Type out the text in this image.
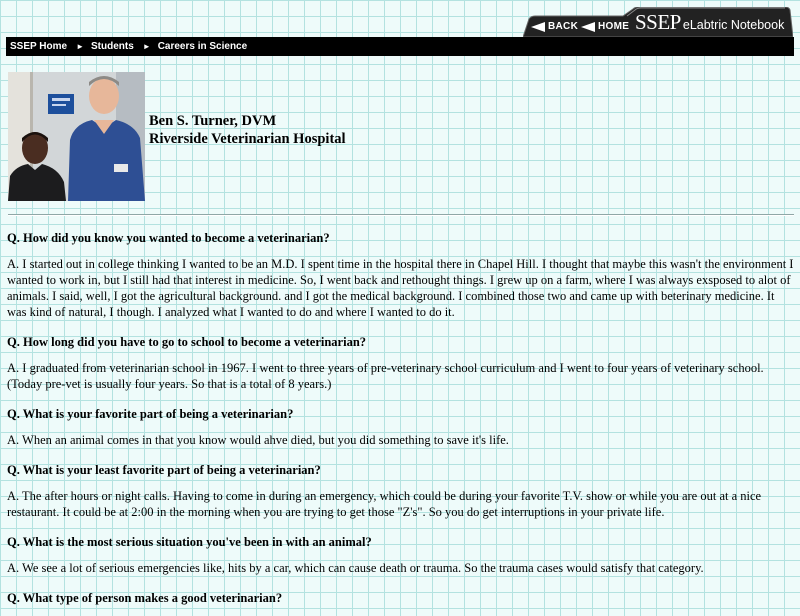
BACK HOME SSEP eLabtric Notebook
SSEP Home ► Students ► Careers in Science
Ben S. Turner, DVM
Riverside Veterinarian Hospital

Q. How did you know you wanted to become a veterinarian?

A. I started out in college thinking I wanted to be an M.D. I spent time in the hospital there in Chapel Hill. I thought that maybe this wasn't the environment I wanted to work in, but I still had that interest in medicine. So, I went back and rethought things. I grew up on a farm, where I was always exsposed to alot of animals. I said, well, I got the agricultural background. and I got the medical background. I combined those two and came up with beterinary medicine. It was kind of natural, I though. I analyzed what I wanted to do and where I wanted to do it.

Q. How long did you have to go to school to become a veterinarian?

A. I graduated from veterinarian school in 1967. I went to three years of pre-veterinary school curriculum and I went to four years of veterinary school. (Today pre-vet is usually four years. So that is a total of 8 years.)

Q. What is your favorite part of being a veterinarian?

A. When an animal comes in that you know would ahve died, but you did something to save it's life.

Q. What is your least favorite part of being a veterinarian?

A. The after hours or night calls. Having to come in during an emergency, which could be during your favorite T.V. show or while you are out at a nice restaurant. It could be at 2:00 in the morning when you are trying to get those "Z's". So you do get interruptions in your private life.

Q. What is the most serious situation you've been in with an animal?

A. We see a lot of serious emergencies like, hits by a car, which can cause death or trauma. So the trauma cases would satisfy that category.

Q. What type of person makes a good veterinarian?
